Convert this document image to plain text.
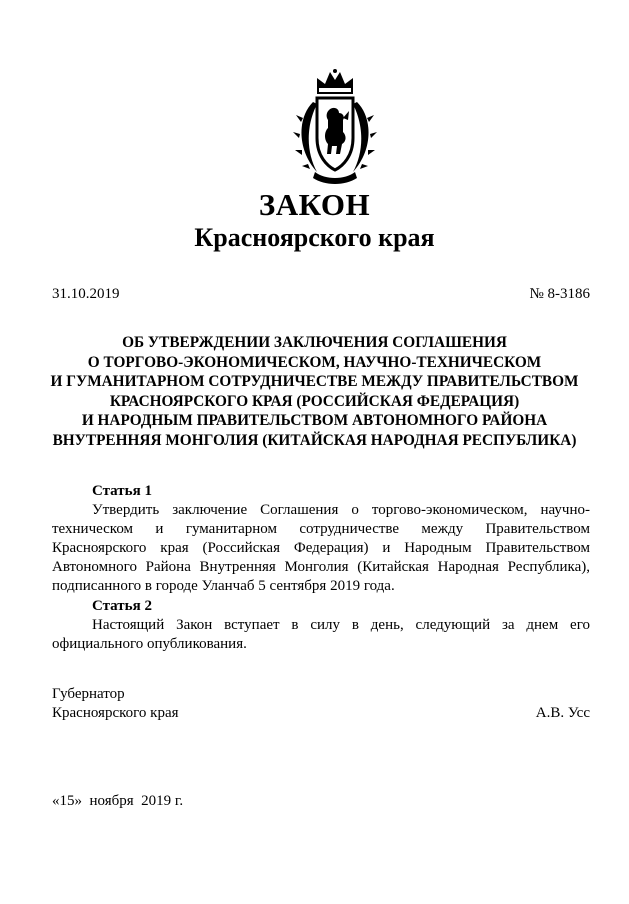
ЗАКОН
Красноярского края
31.10.2019	№ 8-3186
ОБ УТВЕРЖДЕНИИ ЗАКЛЮЧЕНИЯ СОГЛАШЕНИЯ
О ТОРГОВО-ЭКОНОМИЧЕСКОМ, НАУЧНО-ТЕХНИЧЕСКОМ
И ГУМАНИТАРНОМ СОТРУДНИЧЕСТВЕ МЕЖДУ ПРАВИТЕЛЬСТВОМ
КРАСНОЯРСКОГО КРАЯ (РОССИЙСКАЯ ФЕДЕРАЦИЯ)
И НАРОДНЫМ ПРАВИТЕЛЬСТВОМ АВТОНОМНОГО РАЙОНА
ВНУТРЕННЯЯ МОНГОЛИЯ (КИТАЙСКАЯ НАРОДНАЯ РЕСПУБЛИКА)
Статья 1

Утвердить заключение Соглашения о торгово-экономическом, научно-техническом и гуманитарном сотрудничестве между Правительством Красноярского края (Российская Федерация) и Народным Правительством Автономного Района Внутренняя Монголия (Китайская Народная Республика), подписанного в городе Уланчаб 5 сентября 2019 года.

Статья 2

Настоящий Закон вступает в силу в день, следующий за днем его официального опубликования.

Губернатор
Красноярского края	А.В. Усс
«15»  ноября  2019 г.
